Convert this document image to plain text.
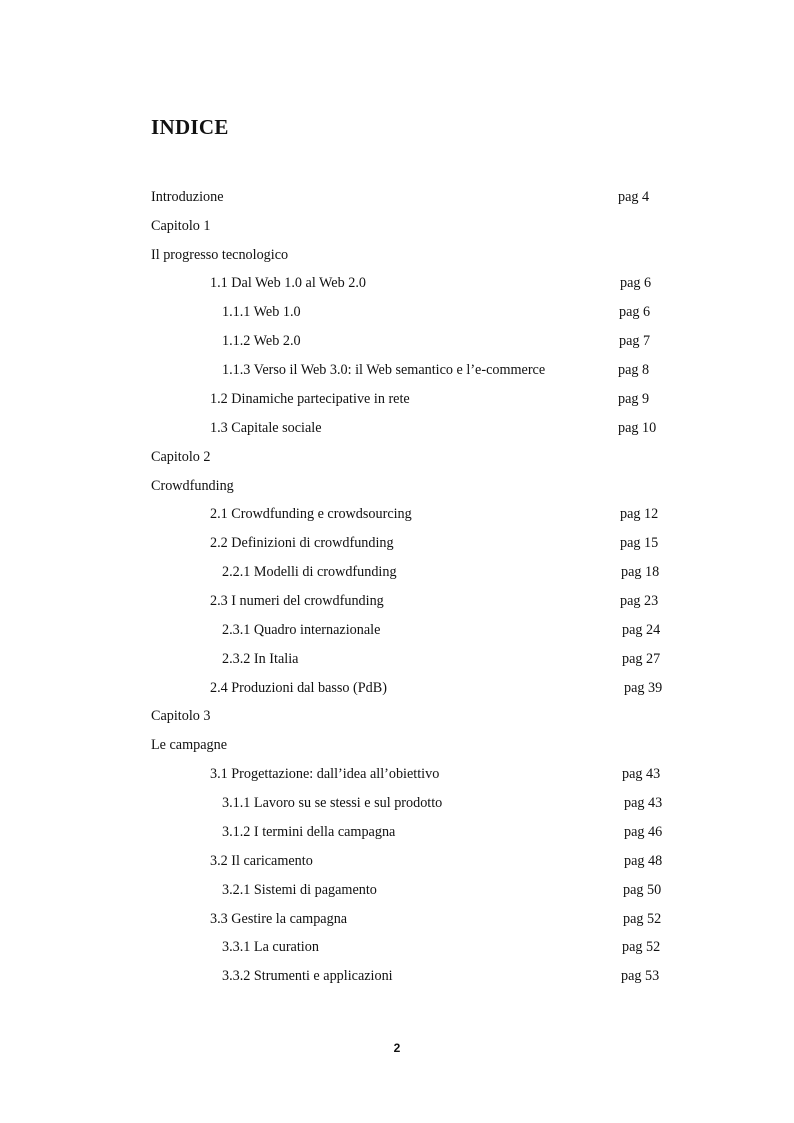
INDICE
Introduzione	pag 4
Capitolo 1
Il progresso tecnologico
1.1 Dal Web 1.0 al Web 2.0	pag 6
1.1.1 Web 1.0	pag 6
1.1.2 Web 2.0	pag 7
1.1.3 Verso il Web 3.0: il Web semantico e l’e-commerce	pag 8
1.2 Dinamiche partecipative in rete	pag 9
1.3 Capitale sociale	pag 10
Capitolo 2
Crowdfunding
2.1 Crowdfunding e crowdsourcing	pag 12
2.2 Definizioni di crowdfunding	pag 15
2.2.1 Modelli di crowdfunding	pag 18
2.3 I numeri del crowdfunding	pag 23
2.3.1 Quadro internazionale	pag 24
2.3.2 In Italia	pag 27
2.4 Produzioni dal basso (PdB)	pag 39
Capitolo 3
Le campagne
3.1 Progettazione: dall’idea all’obiettivo	pag 43
3.1.1 Lavoro su se stessi e sul prodotto	pag 43
3.1.2 I termini della campagna	pag 46
3.2 Il caricamento	pag 48
3.2.1 Sistemi di pagamento	pag 50
3.3 Gestire la campagna	pag 52
3.3.1 La curation	pag 52
3.3.2 Strumenti e applicazioni	pag 53
2
